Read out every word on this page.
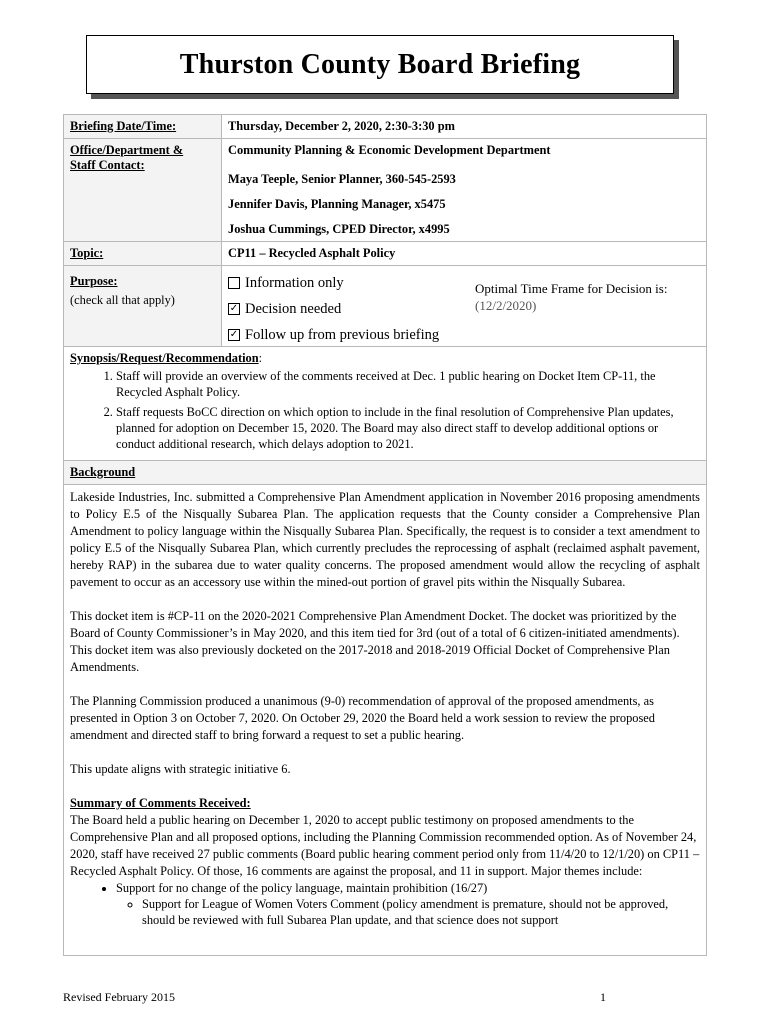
Thurston County Board Briefing
Briefing Date/Time:	Thursday, December 2, 2020, 2:30-3:30 pm
Office/Department &
Staff Contact:

Community Planning & Economic Development Department

Maya Teeple, Senior Planner, 360-545-2593

Jennifer Davis, Planning Manager, x5475

Joshua Cummings, CPED Director, x4995

Topic:	CP11 – Recycled Asphalt Policy
Purpose:
(check all that apply)
Information only
✓ Decision needed
✓ Follow up from previous briefing
Optimal Time Frame for Decision is:
(12/2/2020)
Synopsis/Request/Recommendation:
1. Staff will provide an overview of the comments received at Dec. 1 public hearing on Docket Item CP-11, the Recycled Asphalt Policy.
2. Staff requests BoCC direction on which option to include in the final resolution of Comprehensive Plan updates, planned for adoption on December 15, 2020. The Board may also direct staff to develop additional options or conduct additional research, which delays adoption to 2021.
Background

Lakeside Industries, Inc. submitted a Comprehensive Plan Amendment application in November 2016 proposing amendments to Policy E.5 of the Nisqually Subarea Plan. The application requests that the County consider a Comprehensive Plan Amendment to policy language within the Nisqually Subarea Plan. Specifically, the request is to consider a text amendment to policy E.5 of the Nisqually Subarea Plan, which currently precludes the reprocessing of asphalt (reclaimed asphalt pavement, hereby RAP) in the subarea due to water quality concerns. The proposed amendment would allow the recycling of asphalt pavement to occur as an accessory use within the mined-out portion of gravel pits within the Nisqually Subarea.

This docket item is #CP-11 on the 2020-2021 Comprehensive Plan Amendment Docket. The docket was prioritized by the Board of County Commissioner’s in May 2020, and this item tied for 3rd (out of a total of 6 citizen-initiated amendments). This docket item was also previously docketed on the 2017-2018 and 2018-2019 Official Docket of Comprehensive Plan Amendments.

The Planning Commission produced a unanimous (9-0) recommendation of approval of the proposed amendments, as presented in Option 3 on October 7, 2020. On October 29, 2020 the Board held a work session to review the proposed amendment and directed staff to bring forward a request to set a public hearing.

This update aligns with strategic initiative 6.

Summary of Comments Received:

The Board held a public hearing on December 1, 2020 to accept public testimony on proposed amendments to the Comprehensive Plan and all proposed options, including the Planning Commission recommended option. As of November 24, 2020, staff have received 27 public comments (Board public hearing comment period only from 11/4/20 to 12/1/20) on CP11 – Recycled Asphalt Policy. Of those, 16 comments are against the proposal, and 11 in support. Major themes include:

• Support for no change of the policy language, maintain prohibition (16/27)
◦ Support for League of Women Voters Comment (policy amendment is premature, should not be approved, should be reviewed with full Subarea Plan update, and that science does not support
Revised February 2015	1
